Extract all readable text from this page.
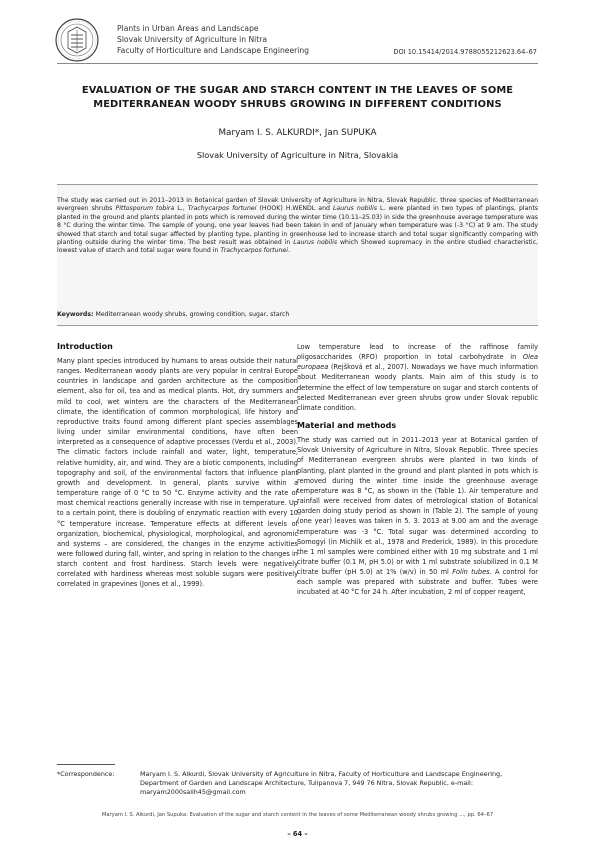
Plants in Urban Areas and Landscape
Slovak University of Agriculture in Nitra
Faculty of Horticulture and Landscape Engineering	DOI 10.15414/2014.9788055212623.64–67
EVALUATION OF THE SUGAR AND STARCH CONTENT IN THE LEAVES OF SOME
MEDITERRANEAN WOODY SHRUBS GROWING IN DIFFERENT CONDITIONS
Maryam I. S. ALKURDI*, Jan SUPUKA
Slovak University of Agriculture in Nitra, Slovakia
The study was carried out in 2011–2013 in Botanical garden of Slovak University of Agriculture in Nitra, Slovak Republic. three species of Mediterranean evergreen shrubs Pittosporum tobira L., Trachycarpos fortunei (HOOK) H.WENDL and Laurus nobilis L. were planted in two types of plantings, plants planted in the ground and plants planted in pots which is removed during the winter time (10.11–25.03) in side the greenhouse average temperature was 8 °C during the winter time. The sample of young, one year leaves had been taken in end of January when temperature was (-3 °C) at 9 am. The study showed that starch and total sugar affected by planting type, planting in greenhouse led to increase starch and total sugar significantly comparing with planting outside during the winter time. The best result was obtained in Laurus nobilis which Showed supremacy in the entire studied characteristic, lowest value of starch and total sugar were found in Trachycarpos fortunei.
Keywords: Mediterranean woody shrubs, growing condition, sugar, starch
Introduction

Many plant species introduced by humans to areas outside their natural ranges. Mediterranean woody plants are very popular in central Europe countries in landscape and garden architecture as the composition element, also for oil, tea and as medical plants. Hot, dry summers and mild to cool, wet winters are the characters of the Mediterranean climate, the identification of common morphological, life history and reproductive traits found among different plant species assemblages living under similar environmental conditions, have often been interpreted as a consequence of adaptive processes (Verdu et al., 2003). The climatic factors include rainfall and water, light, temperature, relative humidity, air, and wind. They are a biotic components, including topography and soil, of the environmental factors that influence plant growth and development. In general, plants survive within a temperature range of 0 °C to 50 °C. Enzyme activity and the rate of most chemical reactions generally increase with rise in temperature. Up to a certain point, there is doubling of enzymatic reaction with every 10 °C temperature increase. Temperature effects at different levels of organization, biochemical, physiological, morphological, and agronomic and systems – are considered, the changes in the enzyme activities were followed during fall, winter, and spring in relation to the changes in starch content and frost hardiness. Starch levels were negatively correlated with hardiness whereas most soluble sugars were positively correlated in grapevines (Jones et al., 1999).

Low temperature lead to increase of the raffinose family oligosaccharides (RFO) proportion in total carbohydrate in Olea europaea (Rejšková et al., 2007). Nowadays we have much information about Mediterranean woody plants. Main aim of this study is to determine the effect of low temperature on sugar and starch contents of selected Mediterranean ever green shrubs grow under Slovak republic climate condition.

Material and methods

The study was carried out in 2011–2013 year at Botanical garden of Slovak University of Agriculture in Nitra, Slovak Republic. Three species of Mediterranean evergreen shrubs were planted in two kinds of planting, plant planted in the ground and plant planted in pots which is removed during the winter time inside the greenhouse average temperature was 8 °C, as shown in the (Table 1). Air temperature and rainfall were received from dates of metrological station of Botanical garden doing study period as shown in (Table 2). The sample of young (one year) leaves was taken in 5. 3. 2013 at 9.00 am and the average temperature was -3 °C. Total sugar was determined according to Somogyi (in Michlik et al., 1978 and Frederick, 1989). In this procedure the 1 ml samples were combined either with 10 mg substrate and 1 ml citrate buffer (0.1 M, pH 5.0) or with 1 ml substrate solubilized in 0.1 M citrate buffer (pH 5.0) at 1% (w/v) in 50 ml Folin tubes. A control for each sample was prepared with substrate and buffer. Tubes were incubated at 40 °C for 24 h. After incubation, 2 ml of copper reagent,

*Correspondence:	Maryam I. S. Alkurdi, Slovak University of Agriculture in Nitra, Faculty of Horticulture and Landscape Engineering, Department of Garden and Landscape Architecture, Tulipanova 7, 949 76 Nitra, Slovak Republic, e-mail: maryam2000salih45@gmail.com
Maryam I. S. Alkurdi, Jan Supuka: Evaluation of the sugar and starch content in the leaves of some Mediterranean woody shrubs growing ..., pp. 64–67
– 64 –
